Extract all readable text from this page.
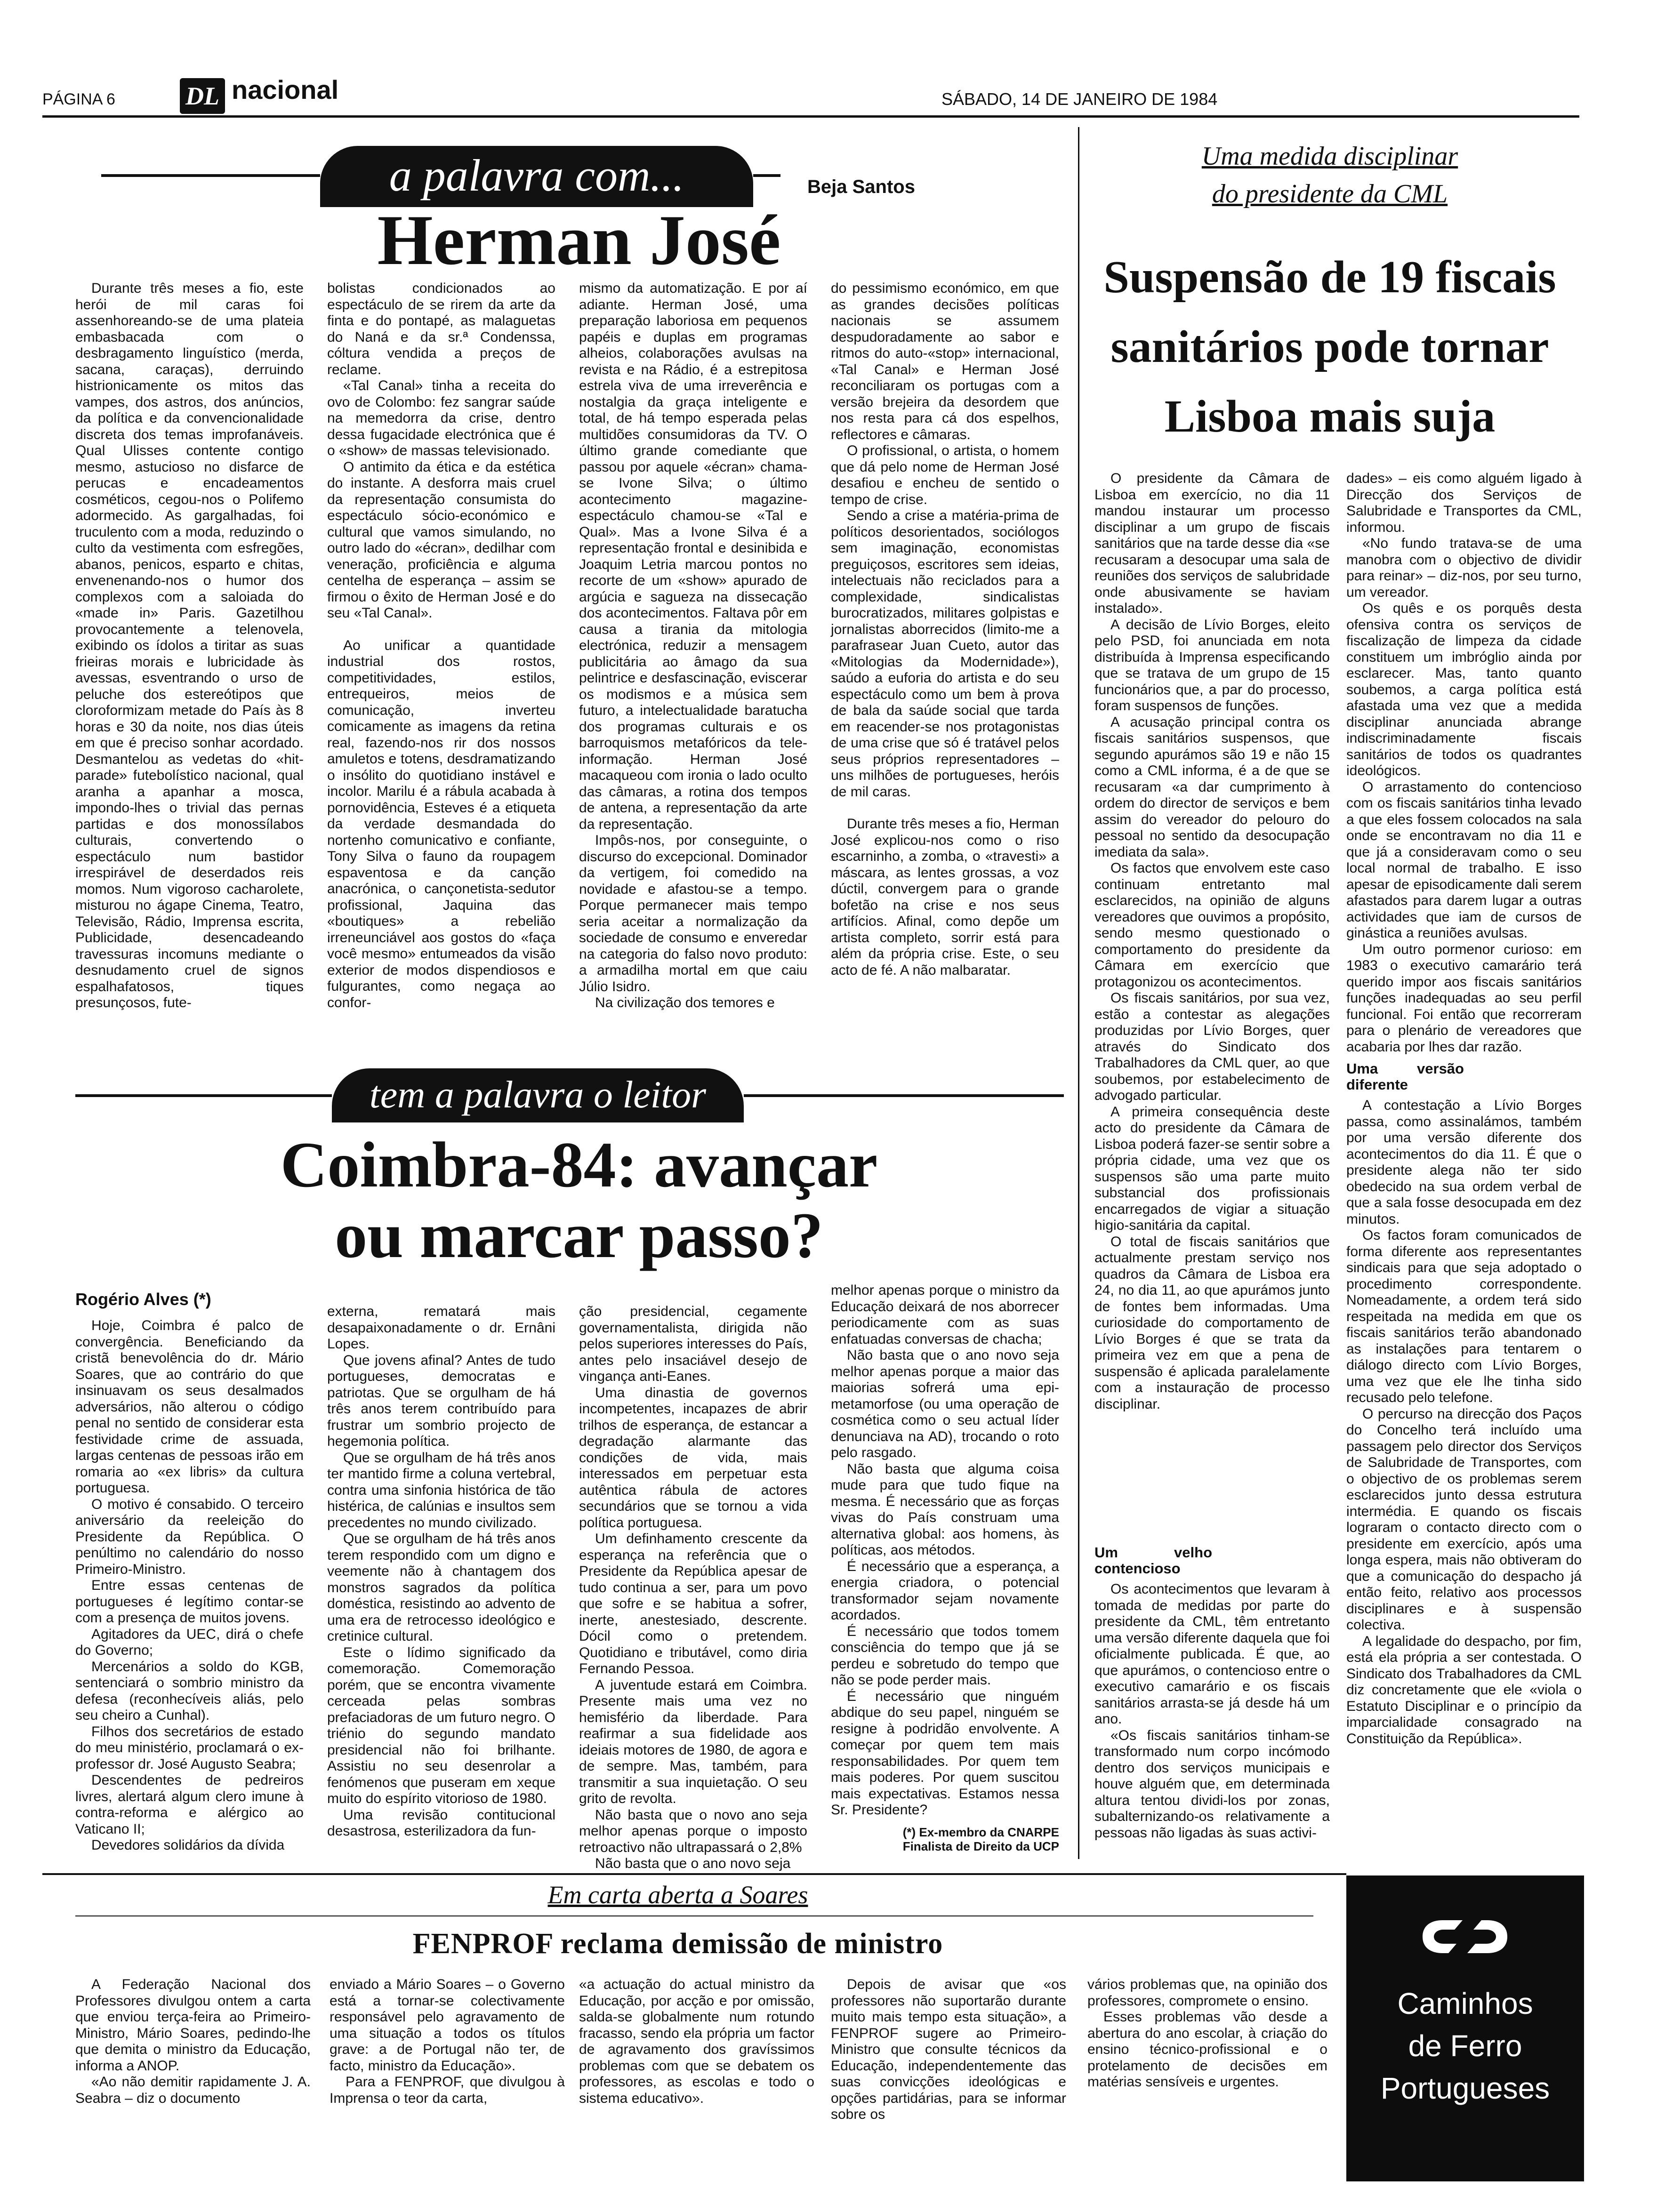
PÁGINA 6	DL nacional	SÁBADO, 14 DE JANEIRO DE 1984
a palavra com...	Beja Santos
Herman José

Durante três meses a fio, este herói de mil caras foi assenhoreando-se de uma plateia embasbacada com o desbragamento linguístico (merda, sacana, caraças), derruindo histrionicamente os mitos das vampes, dos astros, dos anúncios, da política e da convencionalidade discreta dos temas improfanáveis. Qual Ulisses contente contigo mesmo, astucioso no disfarce de perucas e encadeamentos cosméticos, cegou-nos o Polifemo adormecido. As gargalhadas, foi truculento com a moda, reduzindo o culto da vestimenta com esfregões, abanos, penicos, esparto e chitas, envenenando-nos o humor dos complexos com a saloiada do «made in» Paris. Gazetilhou provocantemente a telenovela, exibindo os ídolos a tiritar as suas frieiras morais e lubricidade às avessas, esventrando o urso de peluche dos estereótipos que cloroformizam metade do País às 8 horas e 30 da noite, nos dias úteis em que é preciso sonhar acordado. Desmantelou as vedetas do «hit-parade» futebolístico nacional, qual aranha a apanhar a mosca, impondo-lhes o trivial das pernas partidas e dos monossílabos culturais, convertendo o espectáculo num bastidor irrespirável de deserdados reis momos. Num vigoroso cacharolete, misturou no ágape Cinema, Teatro, Televisão, Rádio, Imprensa escrita, Publicidade, desencadeando travessuras incomuns mediante o desnudamento cruel de signos espalhafatosos, tiques presunçosos, fute-

bolistas condicionados ao espectáculo de se rirem da arte da finta e do pontapé, as malaguetas do Naná e da sr.ª Condenssa, cóltura vendida a preços de reclame.

«Tal Canal» tinha a receita do ovo de Colombo: fez sangrar saúde na memedorra da crise, dentro dessa fugacidade electrónica que é o «show» de massas televisionado.

O antimito da ética e da estética do instante. A desforra mais cruel da representação consumista do espectáculo sócio-económico e cultural que vamos simulando, no outro lado do «écran», dedilhar com veneração, proficiência e alguma centelha de esperança – assim se firmou o êxito de Herman José e do seu «Tal Canal».

Ao unificar a quantidade industrial dos rostos, competitividades, estilos, entrequeiros, meios de comunicação, inverteu comicamente as imagens da retina real, fazendo-nos rir dos nossos amuletos e totens, desdramatizando o insólito do quotidiano instável e incolor. Marilu é a rábula acabada à pornovidência, Esteves é a etiqueta da verdade desmandada do nortenho comunicativo e confiante, Tony Silva o fauno da roupagem espaventosa e da canção anacrónica, o cançonetista-sedutor profissional, Jaquina das «boutiques» a rebelião irreneunciável aos gostos do «faça você mesmo» entumeados da visão exterior de modos dispendiosos e fulgurantes, como negaça ao confor-

mismo da automatização. E por aí adiante. Herman José, uma preparação laboriosa em pequenos papéis e duplas em programas alheios, colaborações avulsas na revista e na Rádio, é a estrepitosa estrela viva de uma irreverência e nostalgia da graça inteligente e total, de há tempo esperada pelas multidões consumidoras da TV. O último grande comediante que passou por aquele «écran» chama-se Ivone Silva; o último acontecimento magazine-espectáculo chamou-se «Tal e Qual». Mas a Ivone Silva é a representação frontal e desinibida e Joaquim Letria marcou pontos no recorte de um «show» apurado de argúcia e sagueza na dissecação dos acontecimentos. Faltava pôr em causa a tirania da mitologia electrónica, reduzir a mensagem publicitária ao âmago da sua pelintrice e desfascinação, eviscerar os modismos e a música sem futuro, a intelectualidade baratucha dos programas culturais e os barroquismos metafóricos da tele-informação. Herman José macaqueou com ironia o lado oculto das câmaras, a rotina dos tempos de antena, a representação da arte da representação.

Impôs-nos, por conseguinte, o discurso do excepcional. Dominador da vertigem, foi comedido na novidade e afastou-se a tempo. Porque permanecer mais tempo seria aceitar a normalização da sociedade de consumo e enveredar na categoria do falso novo produto: a armadilha mortal em que caiu Júlio Isidro.

Na civilização dos temores e

do pessimismo económico, em que as grandes decisões políticas nacionais se assumem despudoradamente ao sabor e ritmos do auto-«stop» internacional, «Tal Canal» e Herman José reconciliaram os portugas com a versão brejeira da desordem que nos resta para cá dos espelhos, reflectores e câmaras.

O profissional, o artista, o homem que dá pelo nome de Herman José desafiou e encheu de sentido o tempo de crise.

Sendo a crise a matéria-prima de políticos desorientados, sociólogos sem imaginação, economistas preguiçosos, escritores sem ideias, intelectuais não reciclados para a complexidade, sindicalistas burocratizados, militares golpistas e jornalistas aborrecidos (limito-me a parafrasear Juan Cueto, autor das «Mitologias da Modernidade»), saúdo a euforia do artista e do seu espectáculo como um bem à prova de bala da saúde social que tarda em reacender-se nos protagonistas de uma crise que só é tratável pelos seus próprios representadores – uns milhões de portugueses, heróis de mil caras.

Durante três meses a fio, Herman José explicou-nos como o riso escarninho, a zomba, o «travesti» a máscara, as lentes grossas, a voz dúctil, convergem para o grande bofetão na crise e nos seus artifícios. Afinal, como depõe um artista completo, sorrir está para além da própria crise. Este, o seu acto de fé. A não malbaratar.

Uma medida disciplinar
do presidente da CML
Suspensão de 19 fiscais sanitários pode tornar Lisboa mais suja

O presidente da Câmara de Lisboa em exercício, no dia 11 mandou instaurar um processo disciplinar a um grupo de fiscais sanitários que na tarde desse dia «se recusaram a desocupar uma sala de reuniões dos serviços de salubridade onde abusivamente se haviam instalado».

A decisão de Lívio Borges, eleito pelo PSD, foi anunciada em nota distribuída à Imprensa especificando que se tratava de um grupo de 15 funcionários que, a par do processo, foram suspensos de funções.

A acusação principal contra os fiscais sanitários suspensos, que segundo apurámos são 19 e não 15 como a CML informa, é a de que se recusaram «a dar cumprimento à ordem do director de serviços e bem assim do vereador do pelouro do pessoal no sentido da desocupação imediata da sala».

Os factos que envolvem este caso continuam entretanto mal esclarecidos, na opinião de alguns vereadores que ouvimos a propósito, sendo mesmo questionado o comportamento do presidente da Câmara em exercício que protagonizou os acontecimentos.

Os fiscais sanitários, por sua vez, estão a contestar as alegações produzidas por Lívio Borges, quer através do Sindicato dos Trabalhadores da CML quer, ao que soubemos, por estabelecimento de advogado particular.

A primeira consequência deste acto do presidente da Câmara de Lisboa poderá fazer-se sentir sobre a própria cidade, uma vez que os suspensos são uma parte muito substancial dos profissionais encarregados de vigiar a situação higio-sanitária da capital.

O total de fiscais sanitários que actualmente prestam serviço nos quadros da Câmara de Lisboa era 24, no dia 11, ao que apurámos junto de fontes bem informadas. Uma curiosidade do comportamento de Lívio Borges é que se trata da primeira vez em que a pena de suspensão é aplicada paralelamente com a instauração de processo disciplinar.

Um velho contencioso

Os acontecimentos que levaram à tomada de medidas por parte do presidente da CML, têm entretanto uma versão diferente daquela que foi oficialmente publicada. É que, ao que apurámos, o contencioso entre o executivo camarário e os fiscais sanitários arrasta-se já desde há um ano.

«Os fiscais sanitários tinham-se transformado num corpo incómodo dentro dos serviços municipais e houve alguém que, em determinada altura tentou dividi-los por zonas, subalternizando-os relativamente a pessoas não ligadas às suas activi-

dades» – eis como alguém ligado à Direcção dos Serviços de Salubridade e Transportes da CML, informou.

«No fundo tratava-se de uma manobra com o objectivo de dividir para reinar» – diz-nos, por seu turno, um vereador.

Os quês e os porquês desta ofensiva contra os serviços de fiscalização de limpeza da cidade constituem um imbróglio ainda por esclarecer. Mas, tanto quanto soubemos, a carga política está afastada uma vez que a medida disciplinar anunciada abrange indiscriminadamente fiscais sanitários de todos os quadrantes ideológicos.

O arrastamento do contencioso com os fiscais sanitários tinha levado a que eles fossem colocados na sala onde se encontravam no dia 11 e que já a consideravam como o seu local normal de trabalho. E isso apesar de episodicamente dali serem afastados para darem lugar a outras actividades que iam de cursos de ginástica a reuniões avulsas.

Um outro pormenor curioso: em 1983 o executivo camarário terá querido impor aos fiscais sanitários funções inadequadas ao seu perfil funcional. Foi então que recorreram para o plenário de vereadores que acabaria por lhes dar razão.

Uma versão diferente

A contestação a Lívio Borges passa, como assinalámos, também por uma versão diferente dos acontecimentos do dia 11. É que o presidente alega não ter sido obedecido na sua ordem verbal de que a sala fosse desocupada em dez minutos.

Os factos foram comunicados de forma diferente aos representantes sindicais para que seja adoptado o procedimento correspondente. Nomeadamente, a ordem terá sido respeitada na medida em que os fiscais sanitários terão abandonado as instalações para tentarem o diálogo directo com Lívio Borges, uma vez que ele lhe tinha sido recusado pelo telefone.

O percurso na direcção dos Paços do Concelho terá incluído uma passagem pelo director dos Serviços de Salubridade de Transportes, com o objectivo de os problemas serem esclarecidos junto dessa estrutura intermédia. E quando os fiscais lograram o contacto directo com o presidente em exercício, após uma longa espera, mais não obtiveram do que a comunicação do despacho já então feito, relativo aos processos disciplinares e à suspensão colectiva.

A legalidade do despacho, por fim, está ela própria a ser contestada. O Sindicato dos Trabalhadores da CML diz concretamente que ele «viola o Estatuto Disciplinar e o princípio da imparcialidade consagrado na Constituição da República».

tem a palavra o leitor
Coimbra-84: avançar
ou marcar passo?
Rogério Alves (*)

Hoje, Coimbra é palco de convergência. Beneficiando da cristã benevolência do dr. Mário Soares, que ao contrário do que insinuavam os seus desalmados adversários, não alterou o código penal no sentido de considerar esta festividade crime de assuada, largas centenas de pessoas irão em romaria ao «ex libris» da cultura portuguesa.

O motivo é consabido. O terceiro aniversário da reeleição do Presidente da República. O penúltimo no calendário do nosso Primeiro-Ministro.

Entre essas centenas de portugueses é legítimo contar-se com a presença de muitos jovens.

Agitadores da UEC, dirá o chefe do Governo;

Mercenários a soldo do KGB, sentenciará o sombrio ministro da defesa (reconhecíveis aliás, pelo seu cheiro a Cunhal).

Filhos dos secretários de estado do meu ministério, proclamará o ex-professor dr. José Augusto Seabra;

Descendentes de pedreiros livres, alertará algum clero imune à contra-reforma e alérgico ao Vaticano II;

Devedores solidários da dívida

externa, rematará mais desapaixonadamente o dr. Ernâni Lopes.

Que jovens afinal? Antes de tudo portugueses, democratas e patriotas. Que se orgulham de há três anos terem contribuído para frustrar um sombrio projecto de hegemonia política.

Que se orgulham de há três anos ter mantido firme a coluna vertebral, contra uma sinfonia histórica de tão histérica, de calúnias e insultos sem precedentes no mundo civilizado.

Que se orgulham de há três anos terem respondido com um digno e veemente não à chantagem dos monstros sagrados da política doméstica, resistindo ao advento de uma era de retrocesso ideológico e cretinice cultural.

Este o lídimo significado da comemoração. Comemoração porém, que se encontra vivamente cerceada pelas sombras prefaciadoras de um futuro negro. O triénio do segundo mandato presidencial não foi brilhante. Assistiu no seu desenrolar a fenómenos que puseram em xeque muito do espírito vitorioso de 1980.

Uma revisão contitucional desastrosa, esterilizadora da fun-

ção presidencial, cegamente governamentalista, dirigida não pelos superiores interesses do País, antes pelo insaciável desejo de vingança anti-Eanes.

Uma dinastia de governos incompetentes, incapazes de abrir trilhos de esperança, de estancar a degradação alarmante das condições de vida, mais interessados em perpetuar esta autêntica rábula de actores secundários que se tornou a vida política portuguesa.

Um definhamento crescente da esperança na referência que o Presidente da República apesar de tudo continua a ser, para um povo que sofre e se habitua a sofrer, inerte, anestesiado, descrente. Dócil como o pretendem. Quotidiano e tributável, como diria Fernando Pessoa.

A juventude estará em Coimbra. Presente mais uma vez no hemisfério da liberdade. Para reafirmar a sua fidelidade aos ideiais motores de 1980, de agora e de sempre. Mas, também, para transmitir a sua inquietação. O seu grito de revolta.

Não basta que o novo ano seja melhor apenas porque o imposto retroactivo não ultrapassará o 2,8%

Não basta que o ano novo seja

melhor apenas porque o ministro da Educação deixará de nos aborrecer periodicamente com as suas enfatuadas conversas de chacha;

Não basta que o ano novo seja melhor apenas porque a maior das maiorias sofrerá uma epi-metamorfose (ou uma operação de cosmética como o seu actual líder denunciava na AD), trocando o roto pelo rasgado.

Não basta que alguma coisa mude para que tudo fique na mesma. É necessário que as forças vivas do País construam uma alternativa global: aos homens, às políticas, aos métodos.

É necessário que a esperança, a energia criadora, o potencial transformador sejam novamente acordados.

É necessário que todos tomem consciência do tempo que já se perdeu e sobretudo do tempo que não se pode perder mais.

É necessário que ninguém abdique do seu papel, ninguém se resigne à podridão envolvente. A começar por quem tem mais responsabilidades. Por quem tem mais poderes. Por quem suscitou mais expectativas. Estamos nessa Sr. Presidente?

(*) Ex-membro da CNARPE
Finalista de Direito da UCP
Em carta aberta a Soares
FENPROF reclama demissão de ministro

A Federação Nacional dos Professores divulgou ontem a carta que enviou terça-feira ao Primeiro-Ministro, Mário Soares, pedindo-lhe que demita o ministro da Educação, informa a ANOP.

«Ao não demitir rapidamente J. A. Seabra – diz o documento

enviado a Mário Soares – o Governo está a tornar-se colectivamente responsável pelo agravamento de uma situação a todos os títulos grave: a de Portugal não ter, de facto, ministro da Educação».

Para a FENPROF, que divulgou à Imprensa o teor da carta,

«a actuação do actual ministro da Educação, por acção e por omissão, salda-se globalmente num rotundo fracasso, sendo ela própria um factor de agravamento dos gravíssimos problemas com que se debatem os professores, as escolas e todo o sistema educativo».

Depois de avisar que «os professores não suportarão durante muito mais tempo esta situação», a FENPROF sugere ao Primeiro-Ministro que consulte técnicos da Educação, independentemente das suas convicções ideológicas e opções partidárias, para se informar sobre os

vários problemas que, na opinião dos professores, compromete o ensino.

Esses problemas vão desde a abertura do ano escolar, à criação do ensino técnico-profissional e o protelamento de decisões em matérias sensíveis e urgentes.

Caminhos
de Ferro
Portugueses
